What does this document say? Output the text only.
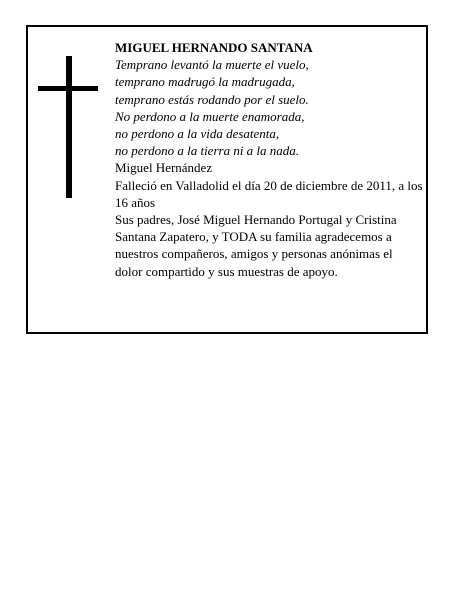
MIGUEL HERNANDO SANTANA

Temprano levantó la muerte el vuelo,

temprano madrugó la madrugada,

temprano estás rodando por el suelo.

No perdono a la muerte enamorada,

no perdono a la vida desatenta,

no perdono a la tierra ni a la nada.

Miguel Hernández

Falleció en Valladolid el día 20 de diciembre de 2011, a los 16 años

Sus padres, José Miguel Hernando Portugal y Cristina Santana Zapatero, y TODA su familia agradecemos a nuestros compañeros, amigos y personas anónimas el dolor compartido y sus muestras de apoyo.
